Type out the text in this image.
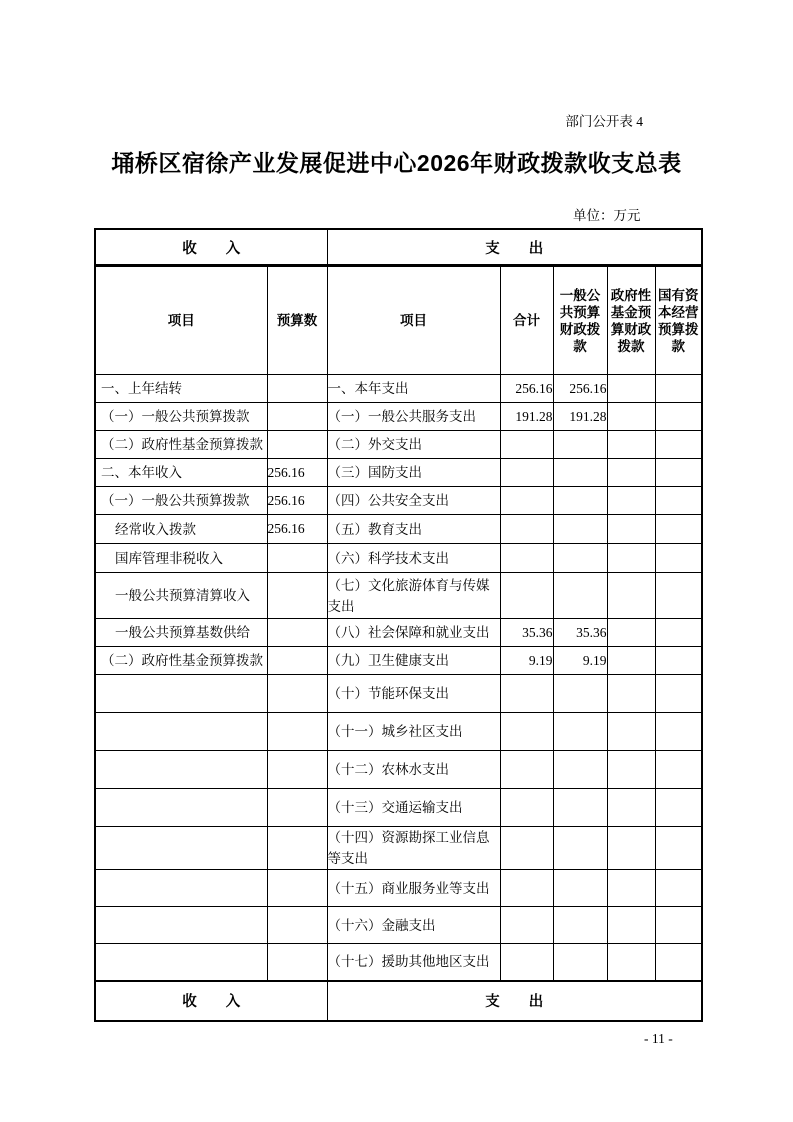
部门公开表 4
埇桥区宿徐产业发展促进中心2026年财政拨款收支总表
单位：万元
收　　入		支　　出				
项目	预算数	项目	合计	一般公共预算财政拨款	政府性基金预算财政拨款	国有资本经营预算拨款
一、上年结转		一、本年支出	256.16	256.16		
（一）一般公共预算拨款		（一）一般公共服务支出	191.28	191.28		
（二）政府性基金预算拨款		（二）外交支出				
二、本年收入	256.16	（三）国防支出				
（一）一般公共预算拨款	256.16	（四）公共安全支出				
经常收入拨款	256.16	（五）教育支出				
国库管理非税收入		（六）科学技术支出				
一般公共预算清算收入		（七）文化旅游体育与传媒支出				
一般公共预算基数供给		（八）社会保障和就业支出	35.36	35.36		
（二）政府性基金预算拨款		（九）卫生健康支出	9.19	9.19		
		（十）节能环保支出				
		（十一）城乡社区支出				
		（十二）农林水支出				
		（十三）交通运输支出				
		（十四）资源勘探工业信息等支出				
		（十五）商业服务业等支出				
		（十六）金融支出				
		（十七）援助其他地区支出				
收　　入		支　　出				
- 11 -
